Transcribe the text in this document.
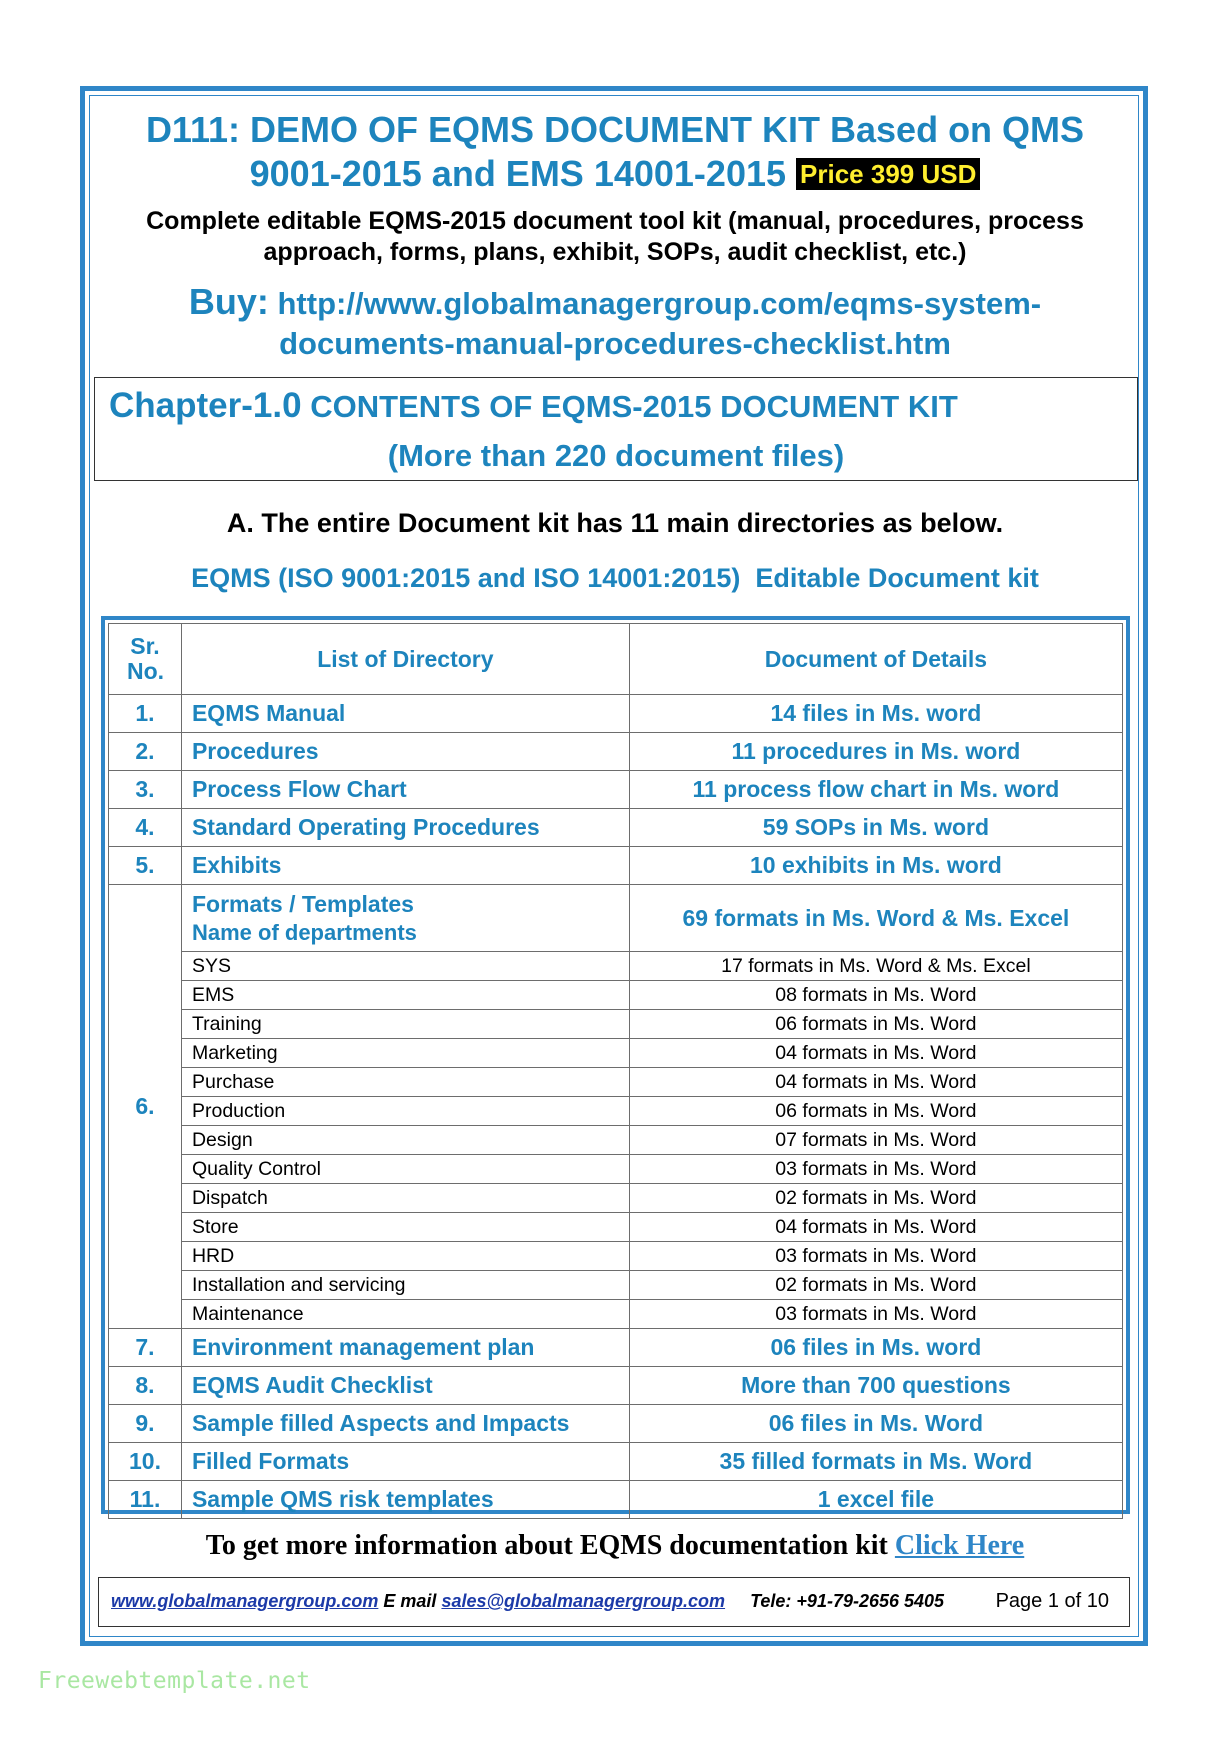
D111: DEMO OF EQMS DOCUMENT KIT Based on QMS
9001-2015 and EMS 14001-2015 Price 399 USD
Complete editable EQMS-2015 document tool kit (manual, procedures, process
approach, forms, plans, exhibit, SOPs, audit checklist, etc.)
Buy: http://www.globalmanagergroup.com/eqms-system-
documents-manual-procedures-checklist.htm
Chapter-1.0 CONTENTS OF EQMS-2015 DOCUMENT KIT
(More than 220 document files)
A. The entire Document kit has 11 main directories as below.
EQMS (ISO 9001:2015 and ISO 14001:2015)  Editable Document kit
Sr. No.	List of Directory	Document of Details
1.	EQMS Manual	14 files in Ms. word
2.	Procedures	11 procedures in Ms. word
3.	Process Flow Chart	11 process flow chart in Ms. word
4.	Standard Operating Procedures	59 SOPs in Ms. word
5.	Exhibits	10 exhibits in Ms. word
6.	Formats / Templates
Name of departments	69 formats in Ms. Word & Ms. Excel
	SYS	17 formats in Ms. Word & Ms. Excel
	EMS	08 formats in Ms. Word
	Training	06 formats in Ms. Word
	Marketing	04 formats in Ms. Word
	Purchase	04 formats in Ms. Word
	Production	06 formats in Ms. Word
	Design	07 formats in Ms. Word
	Quality Control	03 formats in Ms. Word
	Dispatch	02 formats in Ms. Word
	Store	04 formats in Ms. Word
	HRD	03 formats in Ms. Word
	Installation and servicing	02 formats in Ms. Word
	Maintenance	03 formats in Ms. Word
7.	Environment management plan	06 files in Ms. word
8.	EQMS Audit Checklist	More than 700 questions
9.	Sample filled Aspects and Impacts	06 files in Ms. Word
10.	Filled Formats	35 filled formats in Ms. Word
11.	Sample QMS risk templates	1 excel file
To get more information about EQMS documentation kit Click Here
www.globalmanagergroup.com E mail sales@globalmanagergroup.com Tele: +91-79-2656 5405	Page 1 of 10
Freewebtemplate.net
